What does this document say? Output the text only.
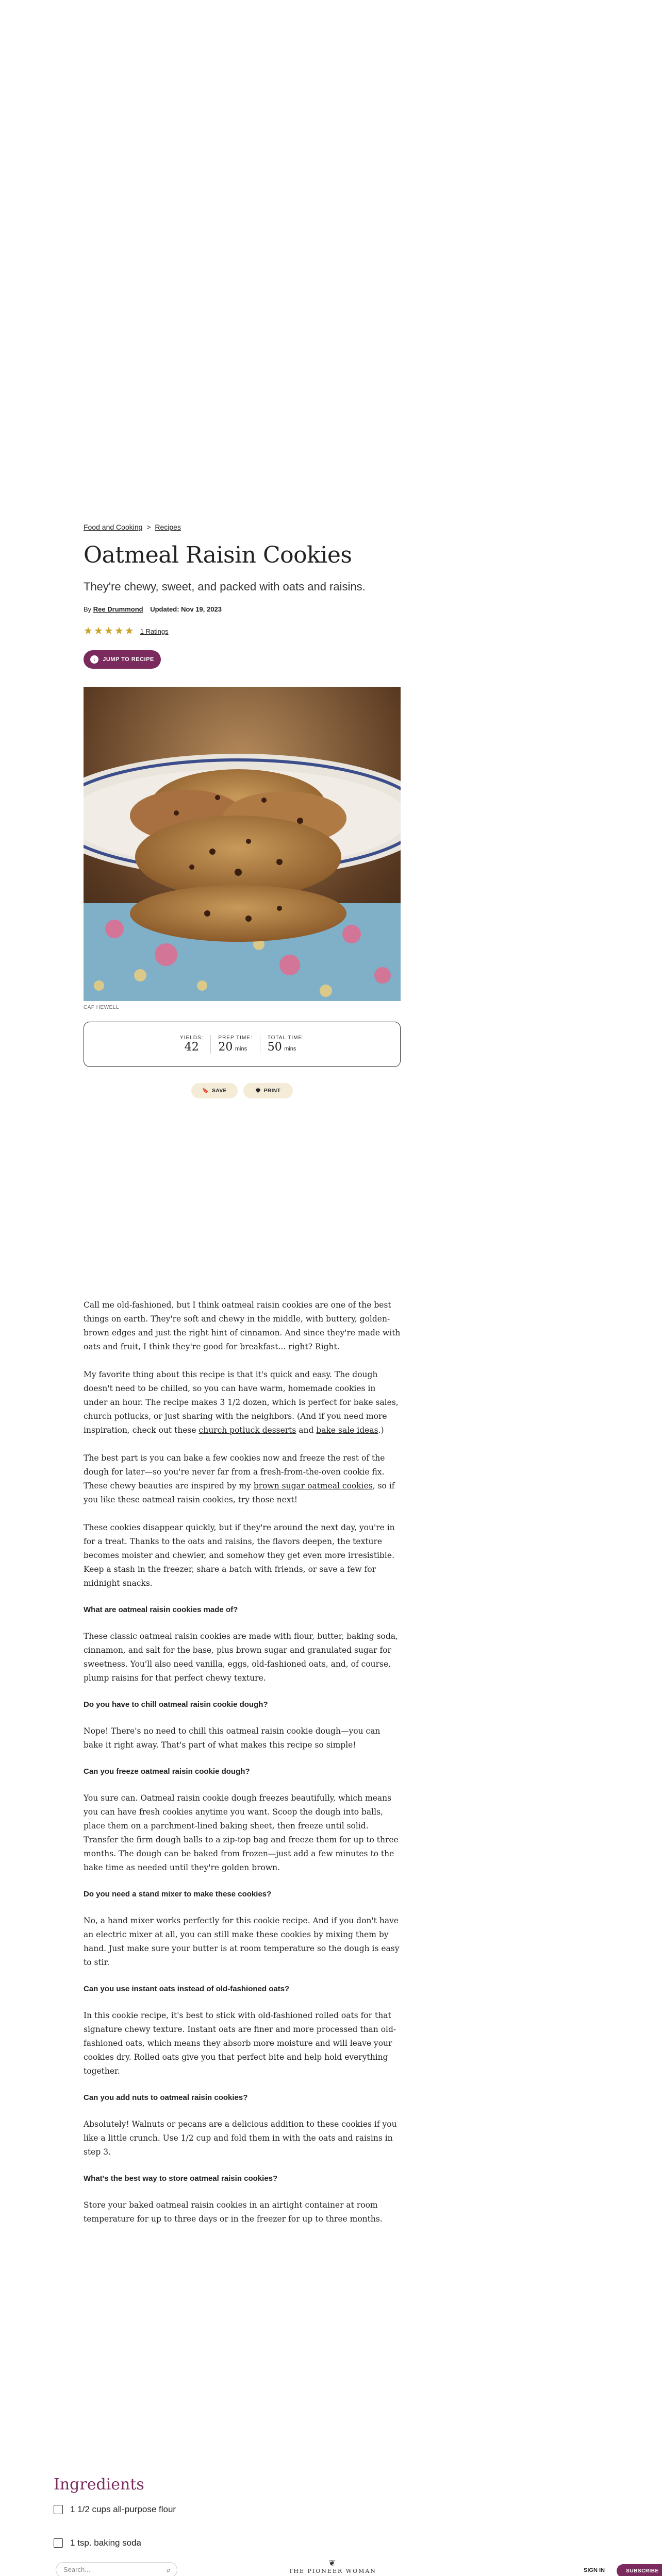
Food and Cooking > Recipes
Oatmeal Raisin Cookies

They're chewy, sweet, and packed with oats and raisins.

By Ree Drummond Updated: Nov 19, 2023
★ ★ ★ ★ ★ 1 Ratings
↓	JUMP TO RECIPE
CAF HEWELL
YIELDS:
42
PREP TIME:
20 mins
TOTAL TIME:
50 mins
🔖 SAVE	🖶 PRINT

Call me old-fashioned, but I think oatmeal raisin cookies are one of the best things on earth. They're soft and chewy in the middle, with buttery, golden-brown edges and just the right hint of cinnamon. And since they're made with oats and fruit, I think they're good for breakfast... right? Right.

My favorite thing about this recipe is that it's quick and easy. The dough doesn't need to be chilled, so you can have warm, homemade cookies in under an hour. The recipe makes 3 1/2 dozen, which is perfect for bake sales, church potlucks, or just sharing with the neighbors. (And if you need more inspiration, check out these church potluck desserts and bake sale ideas.)

The best part is you can bake a few cookies now and freeze the rest of the dough for later—so you're never far from a fresh-from-the-oven cookie fix. These chewy beauties are inspired by my brown sugar oatmeal cookies, so if you like these oatmeal raisin cookies, try those next!

These cookies disappear quickly, but if they're around the next day, you're in for a treat. Thanks to the oats and raisins, the flavors deepen, the texture becomes moister and chewier, and somehow they get even more irresistible. Keep a stash in the freezer, share a batch with friends, or save a few for midnight snacks.

What are oatmeal raisin cookies made of?

These classic oatmeal raisin cookies are made with flour, butter, baking soda, cinnamon, and salt for the base, plus brown sugar and granulated sugar for sweetness. You'll also need vanilla, eggs, old-fashioned oats, and, of course, plump raisins for that perfect chewy texture.

Do you have to chill oatmeal raisin cookie dough?

Nope! There's no need to chill this oatmeal raisin cookie dough—you can bake it right away. That's part of what makes this recipe so simple!

Can you freeze oatmeal raisin cookie dough?

You sure can. Oatmeal raisin cookie dough freezes beautifully, which means you can have fresh cookies anytime you want. Scoop the dough into balls, place them on a parchment-lined baking sheet, then freeze until solid. Transfer the firm dough balls to a zip-top bag and freeze them for up to three months. The dough can be baked from frozen—just add a few minutes to the bake time as needed until they're golden brown.

Do you need a stand mixer to make these cookies?

No, a hand mixer works perfectly for this cookie recipe. And if you don't have an electric mixer at all, you can still make these cookies by mixing them by hand. Just make sure your butter is at room temperature so the dough is easy to stir.

Can you use instant oats instead of old-fashioned oats?

In this cookie recipe, it's best to stick with old-fashioned rolled oats for that signature chewy texture. Instant oats are finer and more processed than old-fashioned oats, which means they absorb more moisture and will leave your cookies dry. Rolled oats give you that perfect bite and help hold everything together.

Can you add nuts to oatmeal raisin cookies?

Absolutely! Walnuts or pecans are a delicious addition to these cookies if you like a little crunch. Use 1/2 cup and fold them in with the oats and raisins in step 3.

What's the best way to store oatmeal raisin cookies?

Store your baked oatmeal raisin cookies in an airtight container at room temperature for up to three days or in the freezer for up to three months.

Ingredients
1 1/2 cups all-purpose flour
1 tsp. baking soda
Search...	⌕
❦
THE PIONEER WOMAN	SIGN IN	SUBSCRIBE
